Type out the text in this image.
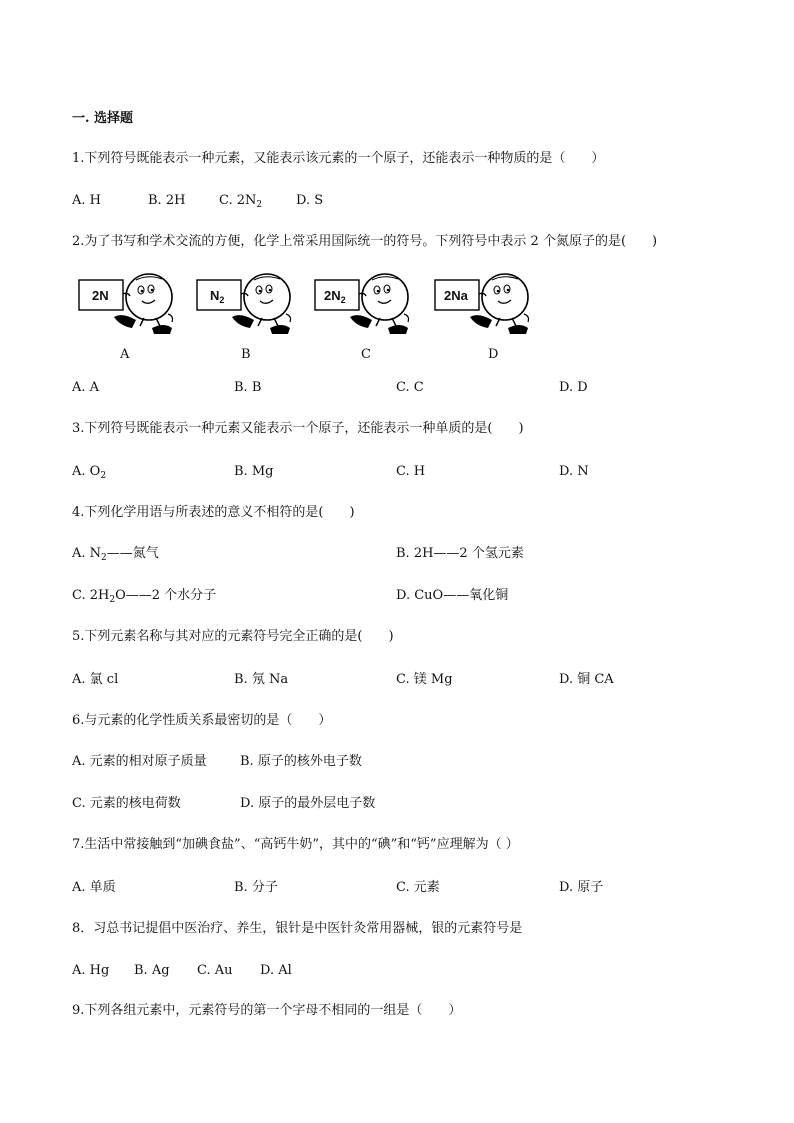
一. 选择题
1.下列符号既能表示一种元素，又能表示该元素的一个原子，还能表示一种物质的是（　　）
A. H	B. 2H	C. $2N_2$	D. S
2.为了书写和学术交流的方便，化学上常采用国际统一的符号。下列符号中表示 2 个氮原子的是(　　)
2N	$N_2$	$2N_2$	2Na
A	B	C	D
A. A	B. B	C. C	D. D
3.下列符号既能表示一种元素又能表示一个原子，还能表示一种单质的是(　　)
A. $O_2$	B. Mg	C. H	D. N
4.下列化学用语与所表述的意义不相符的是(　　)
A. $N_2——$氮气	B. 2H——2 个氢元素
C. $2H_2O——2$ 个水分子	D. CuO——氧化铜
5.下列元素名称与其对应的元素符号完全正确的是(　　)
A. 氯 cl	B. 氖 Na	C. 镁 Mg	D. 铜 CA
6.与元素的化学性质关系最密切的是（　　）
A. 元素的相对原子质量	B. 原子的核外电子数
C. 元素的核电荷数	D. 原子的最外层电子数
7.生活中常接触到“加碘食盐”、“高钙牛奶”，其中的“碘”和“钙”应理解为（ ）
A. 单质	B. 分子	C. 元素	D. 原子
8．习总书记提倡中医治疗、养生，银针是中医针灸常用器械，银的元素符号是
A. Hg B. Ag C. Au D. Al
9.下列各组元素中，元素符号的第一个字母不相同的一组是（　　）
